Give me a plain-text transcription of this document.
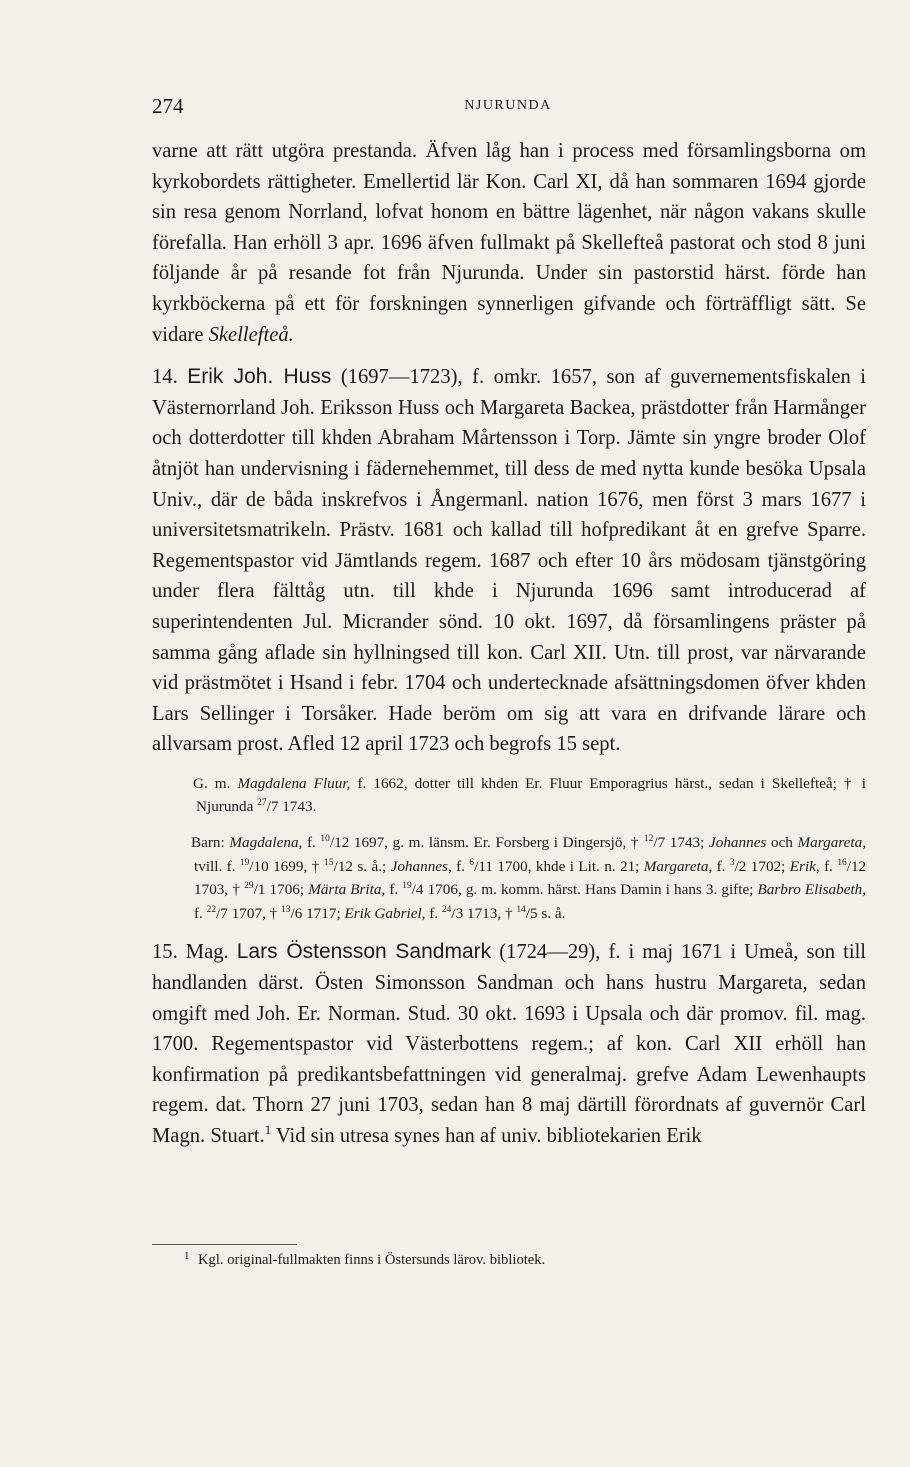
274	NJURUNDA

varne att rätt utgöra prestanda. Äfven låg han i process med församlingsborna om kyrkobordets rättigheter. Emellertid lär Kon. Carl XI, då han sommaren 1694 gjorde sin resa genom Norrland, lofvat honom en bättre lägenhet, när någon vakans skulle förefalla. Han erhöll 3 apr. 1696 äfven fullmakt på Skellefteå pastorat och stod 8 juni följande år på resande fot från Njurunda. Under sin pastorstid härst. förde han kyrkböckerna på ett för forskningen synnerligen gifvande och förträffligt sätt. Se vidare Skellefteå.

14. Erik Joh. Huss (1697—1723), f. omkr. 1657, son af guvernementsfiskalen i Västernorrland Joh. Eriksson Huss och Margareta Backea, prästdotter från Harmånger och dotterdotter till khden Abraham Mårtensson i Torp. Jämte sin yngre broder Olof åtnjöt han undervisning i fädernehemmet, till dess de med nytta kunde besöka Upsala Univ., där de båda inskrefvos i Ångermanl. nation 1676, men först 3 mars 1677 i universitetsmatrikeln. Prästv. 1681 och kallad till hofpredikant åt en grefve Sparre. Regementspastor vid Jämtlands regem. 1687 och efter 10 års mödosam tjänstgöring under flera fälttåg utn. till khde i Njurunda 1696 samt introducerad af superintendenten Jul. Micrander sönd. 10 okt. 1697, då församlingens präster på samma gång aflade sin hyllningsed till kon. Carl XII. Utn. till prost, var närvarande vid prästmötet i Hsand i febr. 1704 och undertecknade afsättningsdomen öfver khden Lars Sellinger i Torsåker. Hade beröm om sig att vara en drifvande lärare och allvarsam prost. Afled 12 april 1723 och begrofs 15 sept.

G. m. Magdalena Fluur, f. 1662, dotter till khden Er. Fluur Emporagrius härst., sedan i Skellefteå; † i Njurunda $^{27}$/7 1743.

Barn: Magdalena, f. $^{10}$/12 1697, g. m. länsm. Er. Forsberg i Dingersjö, † $^{12}$/7 1743; Johannes och Margareta, tvill. f. $^{19}$/10 1699, † $^{15}$/12 s. å.; Johannes, f. $^6$/11 1700, khde i Lit. n. 21; Margareta, f. $^3$/2 1702; Erik, f. $^{16}$/12 1703, † $^{29}$/1 1706; Märta Brita, f. $^{19}$/4 1706, g. m. komm. härst. Hans Damin i hans 3. gifte; Barbro Elisabeth, f. $^{22}$/7 1707, † $^{13}$/6 1717; Erik Gabriel, f. $^{24}$/3 1713, † $^{14}$/5 s. å.

15. Mag. Lars Östensson Sandmark (1724—29), f. i maj 1671 i Umeå, son till handlanden därst. Östen Simonsson Sandman och hans hustru Margareta, sedan omgift med Joh. Er. Norman. Stud. 30 okt. 1693 i Upsala och där promov. fil. mag. 1700. Regementspastor vid Västerbottens regem.; af kon. Carl XII erhöll han konfirmation på predikantsbefattningen vid generalmaj. grefve Adam Lewenhaupts regem. dat. Thorn 27 juni 1703, sedan han 8 maj därtill förordnats af guvernör Carl Magn. Stuart.$^1$ Vid sin utresa synes han af univ. bibliotekarien Erik

1 Kgl. original-fullmakten finns i Östersunds lärov. bibliotek.
